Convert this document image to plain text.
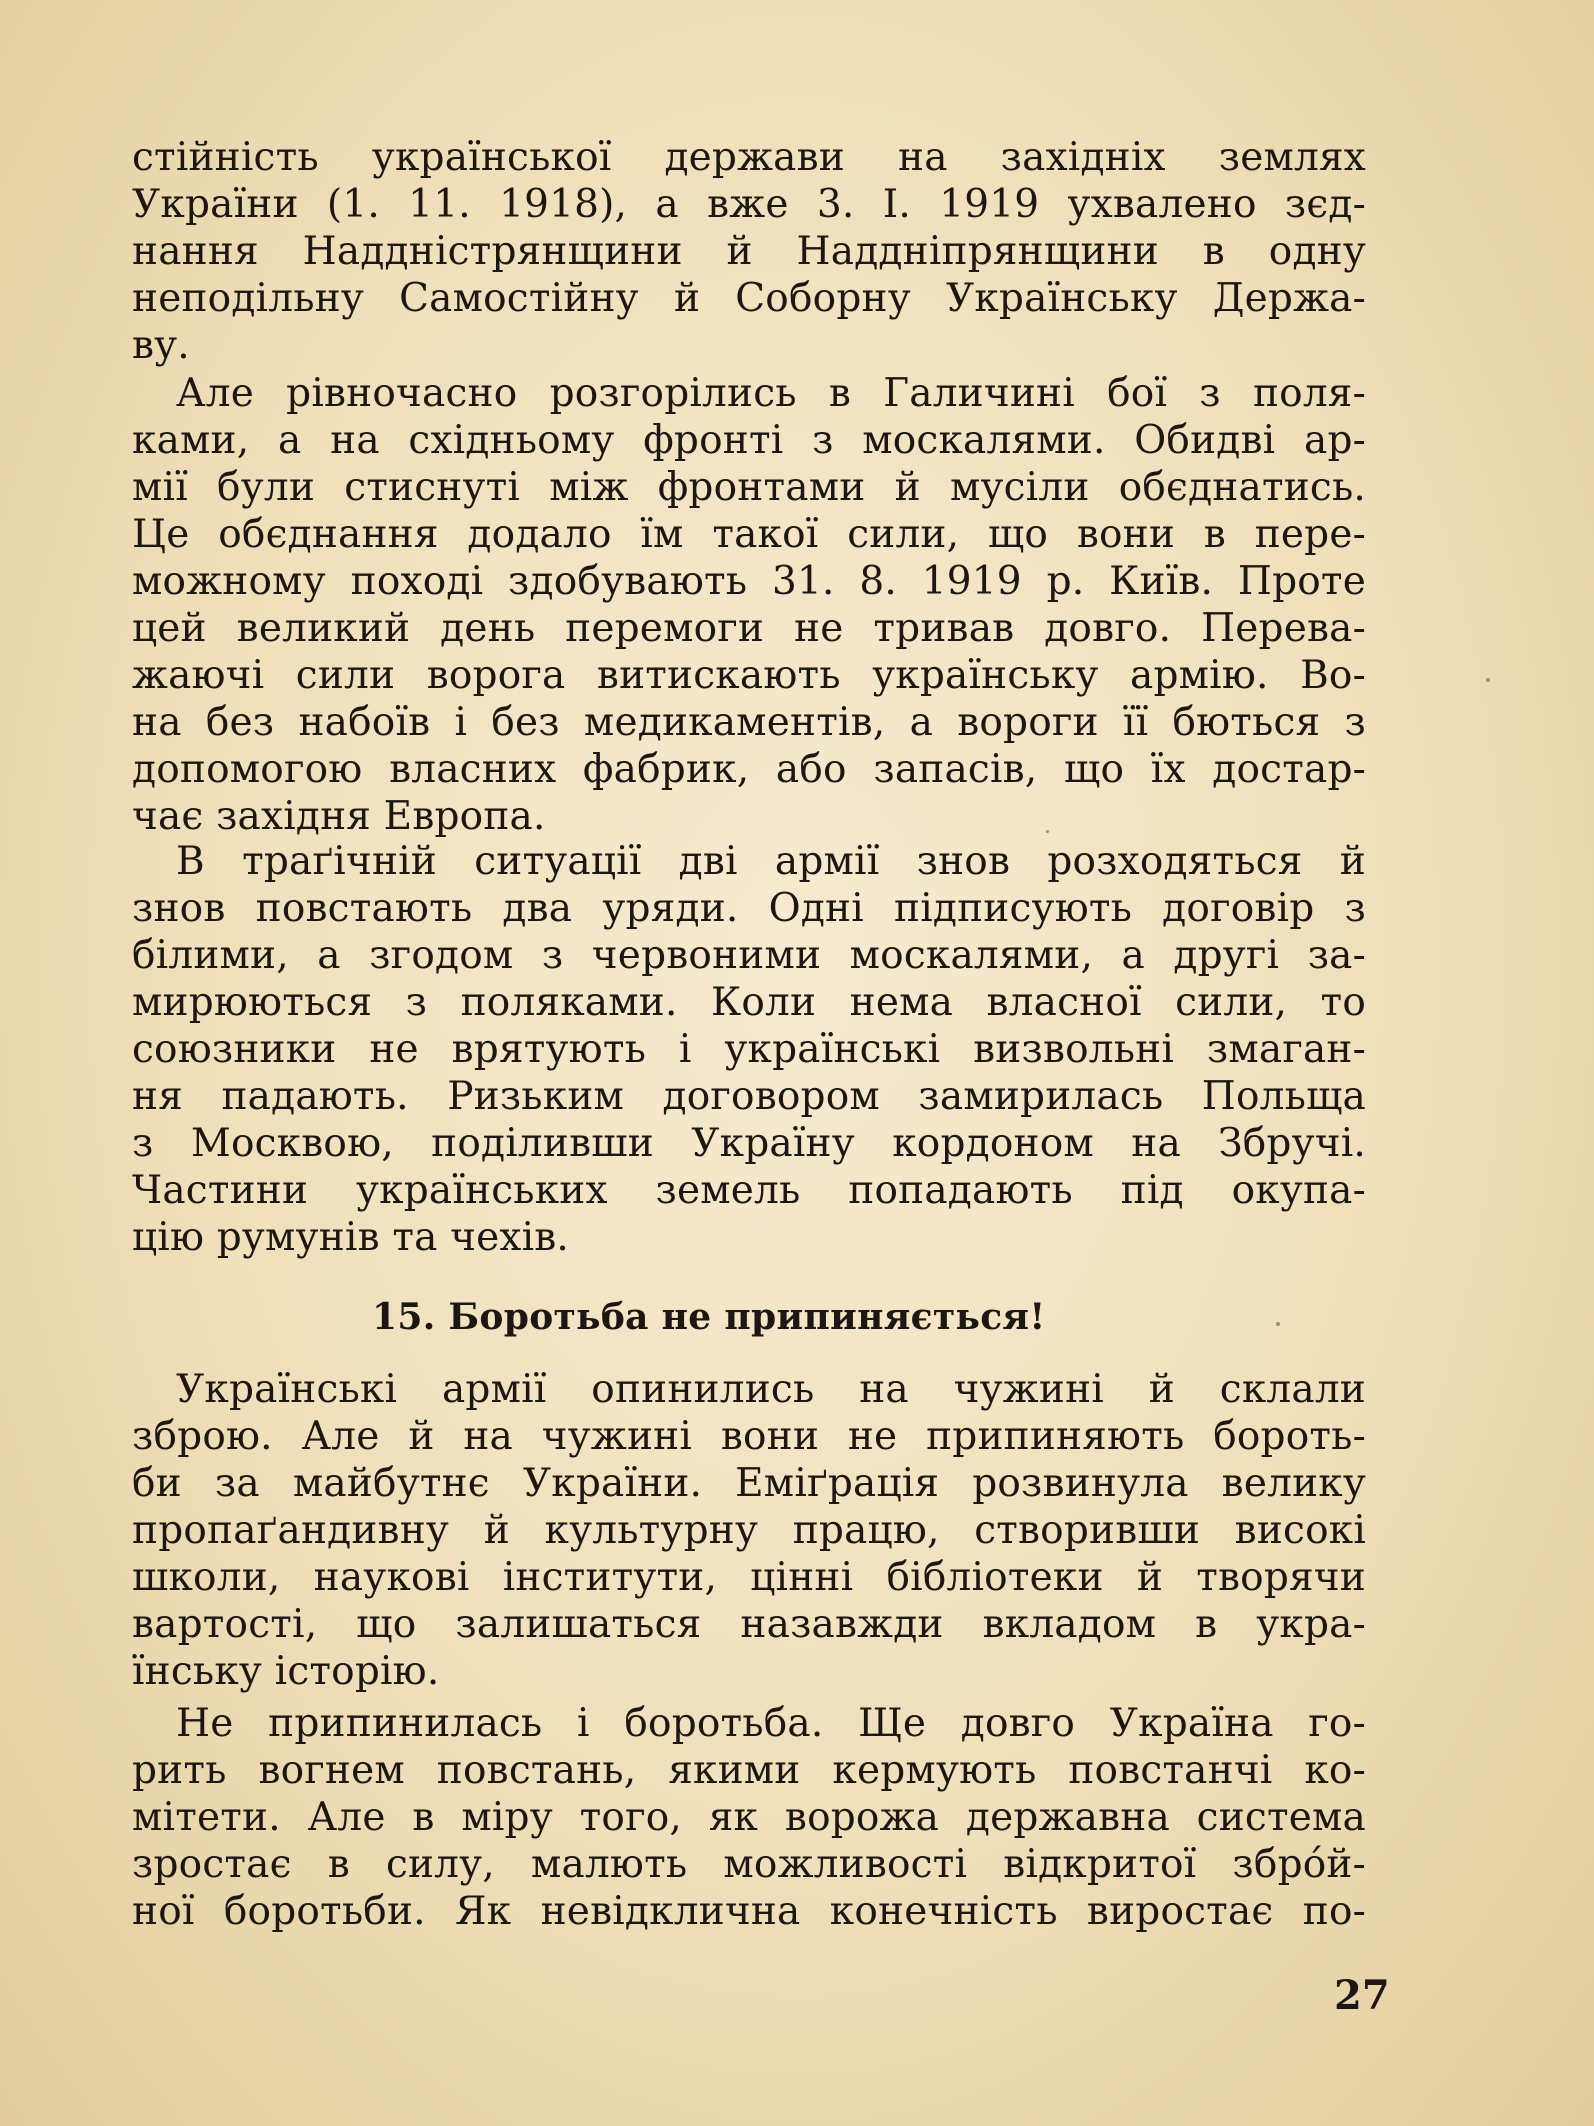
стійність української держави на західніх землях
України (1. 11. 1918), а вже 3. І. 1919 ухвалено зєд-
нання Наддністрянщини й Наддніпрянщини в одну
неподільну Самостійну й Соборну Українську Держа-
ву.
Але рівночасно розгорілись в Галичині бої з поля-
ками, а на східньому фронті з москалями. Обидві ар-
мії були стиснуті між фронтами й мусіли обєднатись.
Це обєднання додало їм такої сили, що вони в пере-
можному поході здобувають 31. 8. 1919 р. Київ. Проте
цей великий день перемоги не тривав довго. Перева-
жаючі сили ворога витискають українську армію. Во-
на без набоїв і без медикаментів, а вороги її бються з
допомогою власних фабрик, або запасів, що їх достар-
чає західня Европа.
В траґічній ситуації дві армії знов розходяться й
знов повстають два уряди. Одні підписують договір з
білими, а згодом з червоними москалями, а другі за-
мирюються з поляками. Коли нема власної сили, то
союзники не врятують і українські визвольні змаган-
ня падають. Ризьким договором замирилась Польща
з Москвою, поділивши Україну кордоном на Збручі.
Частини українських земель попадають під окупа-
цію румунів та чехів.
15. Боротьба не припиняється!
Українські армії опинились на чужині й склали
зброю. Але й на чужині вони не припиняють бороть-
би за майбутнє України. Еміґрація розвинула велику
пропаґандивну й культурну працю, створивши високі
школи, наукові інститути, цінні бібліотеки й творячи
вартості, що залишаться назавжди вкладом в укра-
їнську історію.
Не припинилась і боротьба. Ще довго Україна го-
рить вогнем повстань, якими кермують повстанчі ко-
мітети. Але в міру того, як ворожа державна система
зростає в силу, малють можливості відкритої збрóй-
ної боротьби. Як невідклична конечність виростає по-
27
